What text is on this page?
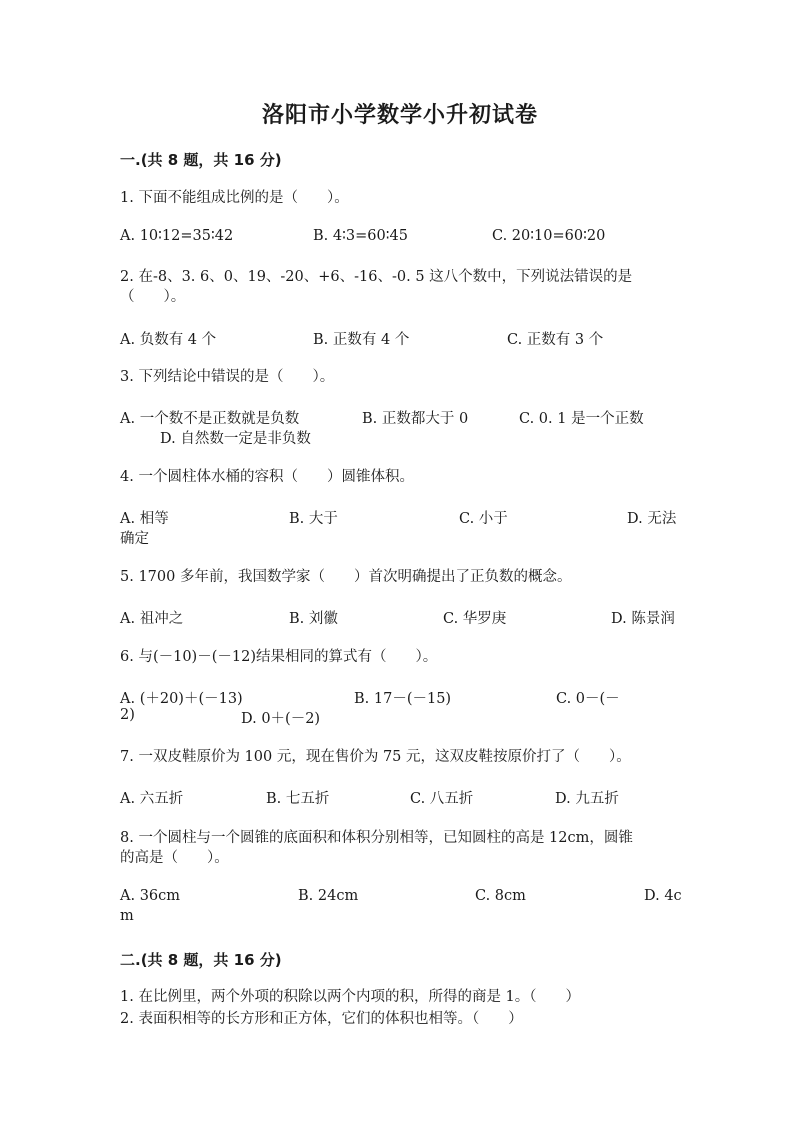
洛阳市小学数学小升初试卷
一.(共 8 题，共 16 分)
1. 下面不能组成比例的是（　　）。
A. 10∶12=35∶42	B. 4∶3=60∶45	C. 20∶10=60∶20
2. 在-8、3. 6、0、19、-20、+6、-16、-0. 5 这八个数中，下列说法错误的是
（　　）。
A. 负数有 4 个	B. 正数有 4 个	C. 正数有 3 个
3. 下列结论中错误的是（　　）。
A. 一个数不是正数就是负数	B. 正数都大于 0	C. 0. 1 是一个正数
D. 自然数一定是非负数
4. 一个圆柱体水桶的容积（　　）圆锥体积。
A. 相等	B. 大于	C. 小于	D. 无法
确定
5. 1700 多年前，我国数学家（　　）首次明确提出了正负数的概念。
A. 祖冲之	B. 刘徽	C. 华罗庚	D. 陈景润
6. 与(－10)－(－12)结果相同的算式有（　　）。
A. (＋20)＋(－13)	B. 17－(－15)	C. 0－(－
2)	D. 0＋(－2)
7. 一双皮鞋原价为 100 元，现在售价为 75 元，这双皮鞋按原价打了（　　）。
A. 六五折	B. 七五折	C. 八五折	D. 九五折
8. 一个圆柱与一个圆锥的底面积和体积分别相等，已知圆柱的高是 12cm，圆锥
的高是（　　）。
A. 36cm	B. 24cm	C. 8cm	D. 4c
m
二.(共 8 题，共 16 分)
1. 在比例里，两个外项的积除以两个内项的积，所得的商是 1。（　　）
2. 表面积相等的长方形和正方体，它们的体积也相等。（　　）
